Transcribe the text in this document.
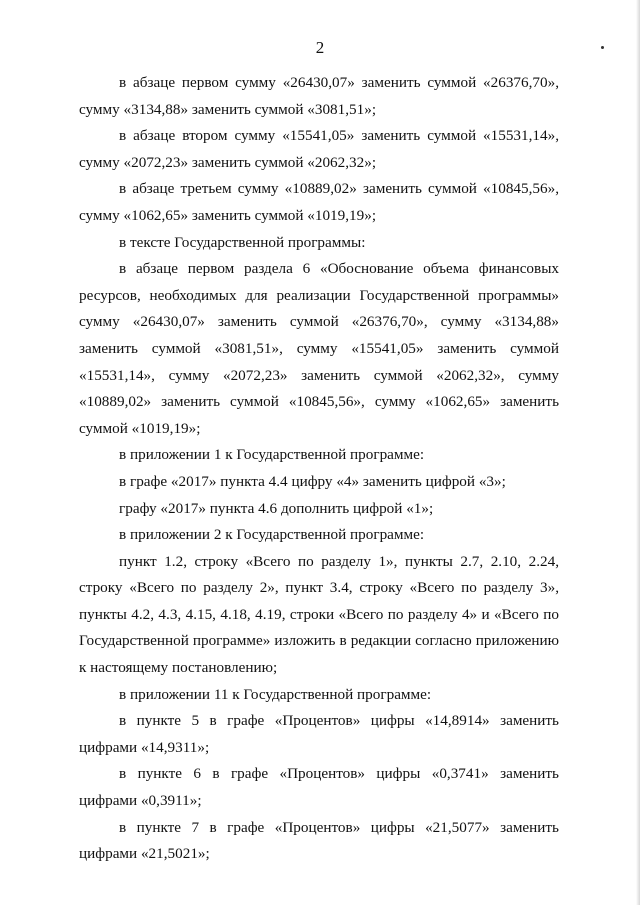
2

в абзаце первом сумму «26430,07» заменить суммой «26376,70», сумму «3134,88» заменить суммой «3081,51»;

в абзаце втором сумму «15541,05» заменить суммой «15531,14», сумму «2072,23» заменить суммой «2062,32»;

в абзаце третьем сумму «10889,02» заменить суммой «10845,56», сумму «1062,65» заменить суммой «1019,19»;

в тексте Государственной программы:

в абзаце первом раздела 6 «Обоснование объема финансовых ресурсов, необходимых для реализации Государственной программы» сумму «26430,07» заменить суммой «26376,70», сумму «3134,88» заменить суммой «3081,51», сумму «15541,05» заменить суммой «15531,14», сумму «2072,23» заменить суммой «2062,32», сумму «10889,02» заменить суммой «10845,56», сумму «1062,65» заменить суммой «1019,19»;

в приложении 1 к Государственной программе:

в графе «2017» пункта 4.4 цифру «4» заменить цифрой «3»;

графу «2017» пункта 4.6 дополнить цифрой «1»;

в приложении 2 к Государственной программе:

пункт 1.2, строку «Всего по разделу 1», пункты 2.7, 2.10, 2.24, строку «Всего по разделу 2», пункт 3.4, строку «Всего по разделу 3», пункты 4.2, 4.3, 4.15, 4.18, 4.19, строки «Всего по разделу 4» и «Всего по Государственной программе» изложить в редакции согласно приложению к настоящему постановлению;

в приложении 11 к Государственной программе:

в пункте 5 в графе «Процентов» цифры «14,8914» заменить цифрами «14,9311»;

в пункте 6 в графе «Процентов» цифры «0,3741» заменить цифрами «0,3911»;

в пункте 7 в графе «Процентов» цифры «21,5077» заменить цифрами «21,5021»;
